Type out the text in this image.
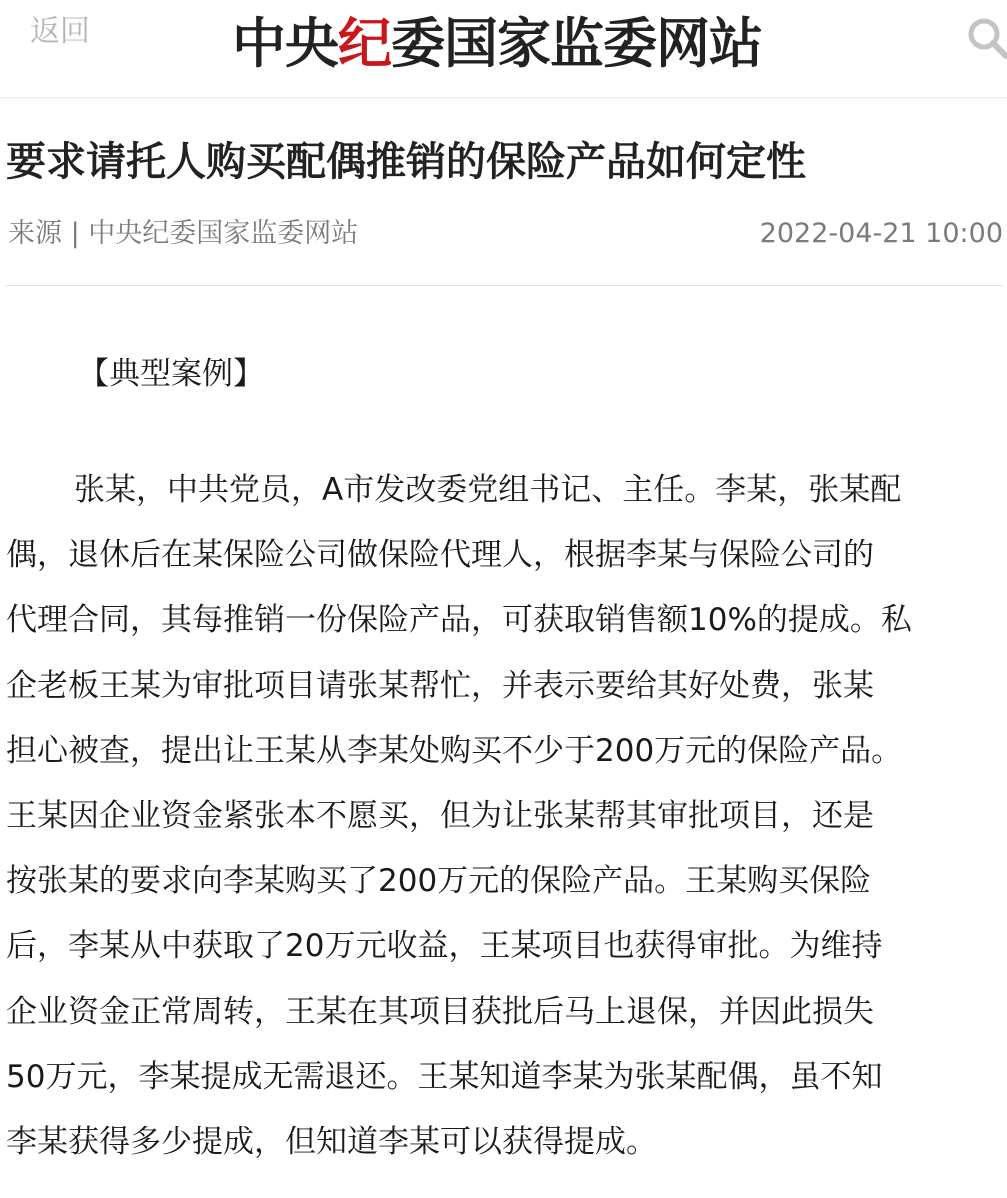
返回	中央纪委国家监委网站
要求请托人购买配偶推销的保险产品如何定性
来源 | 中央纪委国家监委网站	2022-04-21 10:00
【典型案例】
张某，中共党员，A市发改委党组书记、主任。李某，张某配
偶，退休后在某保险公司做保险代理人，根据李某与保险公司的
代理合同，其每推销一份保险产品，可获取销售额10%的提成。私
企老板王某为审批项目请张某帮忙，并表示要给其好处费，张某
担心被查，提出让王某从李某处购买不少于200万元的保险产品。
王某因企业资金紧张本不愿买，但为让张某帮其审批项目，还是
按张某的要求向李某购买了200万元的保险产品。王某购买保险
后，李某从中获取了20万元收益，王某项目也获得审批。为维持
企业资金正常周转，王某在其项目获批后马上退保，并因此损失
50万元，李某提成无需退还。王某知道李某为张某配偶，虽不知
李某获得多少提成，但知道李某可以获得提成。
